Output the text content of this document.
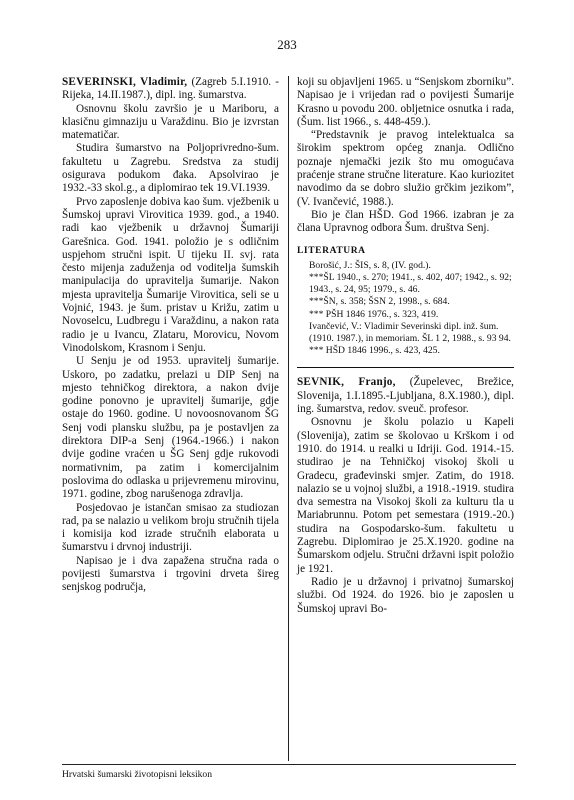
283

SEVERINSKI, Vladimir, (Zagreb 5.I.1910. - Rijeka, 14.II.1987.), dipl. ing. šumarstva.

Osnovnu školu završio je u Mariboru, a klasičnu gimnaziju u Varaždinu. Bio je izvrstan matematičar.

Studira šumarstvo na Poljoprivredno-šum. fakultetu u Zagrebu. Sredstva za studij osigurava podukom đaka. Apsolvirao je 1932.-33 skol.g., a diplomirao tek 19.VI.1939.

Prvo zaposlenje dobiva kao šum. vježbenik u Šumskoj upravi Virovitica 1939. god., a 1940. radi kao vježbenik u državnoj Šumariji Garešnica. God. 1941. položio je s odličnim uspjehom stručni ispit. U tijeku II. svj. rata često mijenja zaduženja od voditelja šumskih manipulacija do upravitelja šumarije. Nakon mjesta upravitelja Šumarije Virovitica, seli se u Vojnić, 1943. je šum. pristav u Križu, zatim u Novoselcu, Ludbregu i Varaždinu, a nakon rata radio je u Ivancu, Zlataru, Morovicu, Novom Vinodolskom, Krasnom i Senju.

U Senju je od 1953. upravitelj šumarije. Uskoro, po zadatku, prelazi u DIP Senj na mjesto tehničkog direktora, a nakon dvije godine ponovno je upravitelj šumarije, gdje ostaje do 1960. godine. U novoosnovanom ŠG Senj vodi plansku službu, pa je postavljen za direktora DIP-a Senj (1964.-1966.) i nakon dvije godine vraćen u ŠG Senj gdje rukovodi normativnim, pa zatim i komercijalnim poslovima do odlaska u prijevremenu mirovinu, 1971. godine, zbog narušenoga zdravlja.

Posjedovao je istančan smisao za studiozan rad, pa se nalazio u velikom broju stručnih tijela i komisija kod izrade stručnih elaborata u šumarstvu i drvnoj industriji.

Napisao je i dva zapažena stručna rada o povijesti šumarstva i trgovini drveta šireg senjskog područja,

koji su objavljeni 1965. u “Senjskom zborniku”. Napisao je i vrijedan rad o povijesti Šumarije Krasno u povodu 200. obljetnice osnutka i rada, (Šum. list 1966., s. 448-459.).

“Predstavnik je pravog intelektualca sa širokim spektrom općeg znanja. Odlično poznaje njemački jezik što mu omogućava praćenje strane stručne literature. Kao kuriozitet navodimo da se dobro služio grčkim jezikom”, (V. Ivančević, 1988.).

Bio je član HŠD. God 1966. izabran je za člana Upravnog odbora Šum. društva Senj.

LITERATURA

Borošić, J.: ŠIS, s. 8, (IV. god.).

***ŠL 1940., s. 270; 1941., s. 402, 407; 1942., s. 92; 1943., s. 24, 95; 1979., s. 46.

***ŠN, s. 358; ŠSN 2, 1998., s. 684.

*** PŠH 1846 1976., s. 323, 419.

Ivančević, V.: Vladimir Severinski dipl. inž. šum. (1910. 1987.), in memoriam. ŠL 1 2, 1988., s. 93 94.

*** HŠD 1846 1996., s. 423, 425.

SEVNIK, Franjo, (Župelevec, Brežice, Slovenija, 1.I.1895.-Ljubljana, 8.X.1980.), dipl. ing. šumarstva, redov. sveuč. profesor.

Osnovnu je školu polazio u Kapeli (Slovenija), zatim se školovao u Krškom i od 1910. do 1914. u realki u Idriji. God. 1914.-15. studirao je na Tehničkoj visokoj školi u Gradecu, građevinski smjer. Zatim, do 1918. nalazio se u vojnoj službi, a 1918.-1919. studira dva semestra na Visokoj školi za kulturu tla u Mariabrunnu. Potom pet semestara (1919.-20.) studira na Gospodarsko-šum. fakultetu u Zagrebu. Diplomirao je 25.X.1920. godine na Šumarskom odjelu. Stručni državni ispit položio je 1921.

Radio je u državnoj i privatnoj šumarskoj službi. Od 1924. do 1926. bio je zaposlen u Šumskoj upravi Bo-

Hrvatski šumarski životopisni leksikon
